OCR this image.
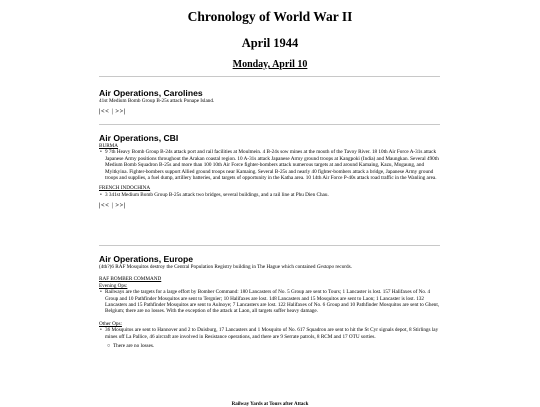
Chronology of World War II
April 1944
Monday, April 10
Air Operations, Carolines
41st Medium Bomb Group B-25s attack Ponape Island.
|<< | >>|
Air Operations, CBI
BURMA
• 9 7th Heavy Bomb Group B-24s attack port and rail facilities at Moulmein. 4 B-24s sow mines at the mouth of the Tavoy River. 18 10th Air Force A-31s attack Japanese Army positions throughout the Arakan coastal region. 10 A-31s attack Japanese Army ground troops at Kangpoki (India) and Maungkan. Several 490th Medium Bomb Squadron B-25s and more than 100 10th Air Force fighter-bombers attack numerous targets at and around Kamaing, Kazu, Mogaung, and Myitkyina. Fighter-bombers support Allied ground troops near Kamaing. Several B-25s and nearly 40 fighter-bombers attack a bridge, Japanese Army ground troops and supplies, a fuel dump, artillery batteries, and targets of opportunity in the Katha area. 10 14th Air Force P-40s attack road traffic in the Wanling area.
FRENCH INDOCHINA
• 3 341st Medium Bomb Group B-25s attack two bridges, several buildings, and a rail line at Phu Dien Chau.
|<< | >>|
Air Operations, Europe
(4th?)6 RAF Mosquitos destroy the Central Population Registry building in The Hague which contained Gestapo records.
RAF BOMBER COMMAND
Evening Ops:
• Railways are the targets for a large effort by Bomber Command: 180 Lancasters of No. 5 Group are sent to Tours; 1 Lancaster is lost. 157 Halifaxes of No. 4 Group and 10 Pathfinder Mosquitos are sent to Tergnier; 10 Halifaxes are lost. 148 Lancasters and 15 Mosquitos are sent to Laon; 1 Lancaster is lost. 132 Lancasters and 15 Pathfinder Mosquitos are sent to Aulnoye; 7 Lancasters are lost. 122 Halifaxes of No. 6 Group and 10 Pathfinder Mosquitos are sent to Ghent, Belgium; there are no losses. With the exception of the attack at Laon, all targets suffer heavy damage.
Other Ops:
• 36 Mosquitos are sent to Hannover and 2 to Duisburg, 17 Lancasters and 1 Mosquito of No. 617 Squadron are sent to hit the St Cyr signals depot, 8 Stirlings lay mines off La Pallice, 46 aircraft are involved in Resistance operations, and there are 9 Serrate patrols, 8 RCM and 17 OTU sorties.
○ There are no losses.
Railway Yards at Tours after Attack
